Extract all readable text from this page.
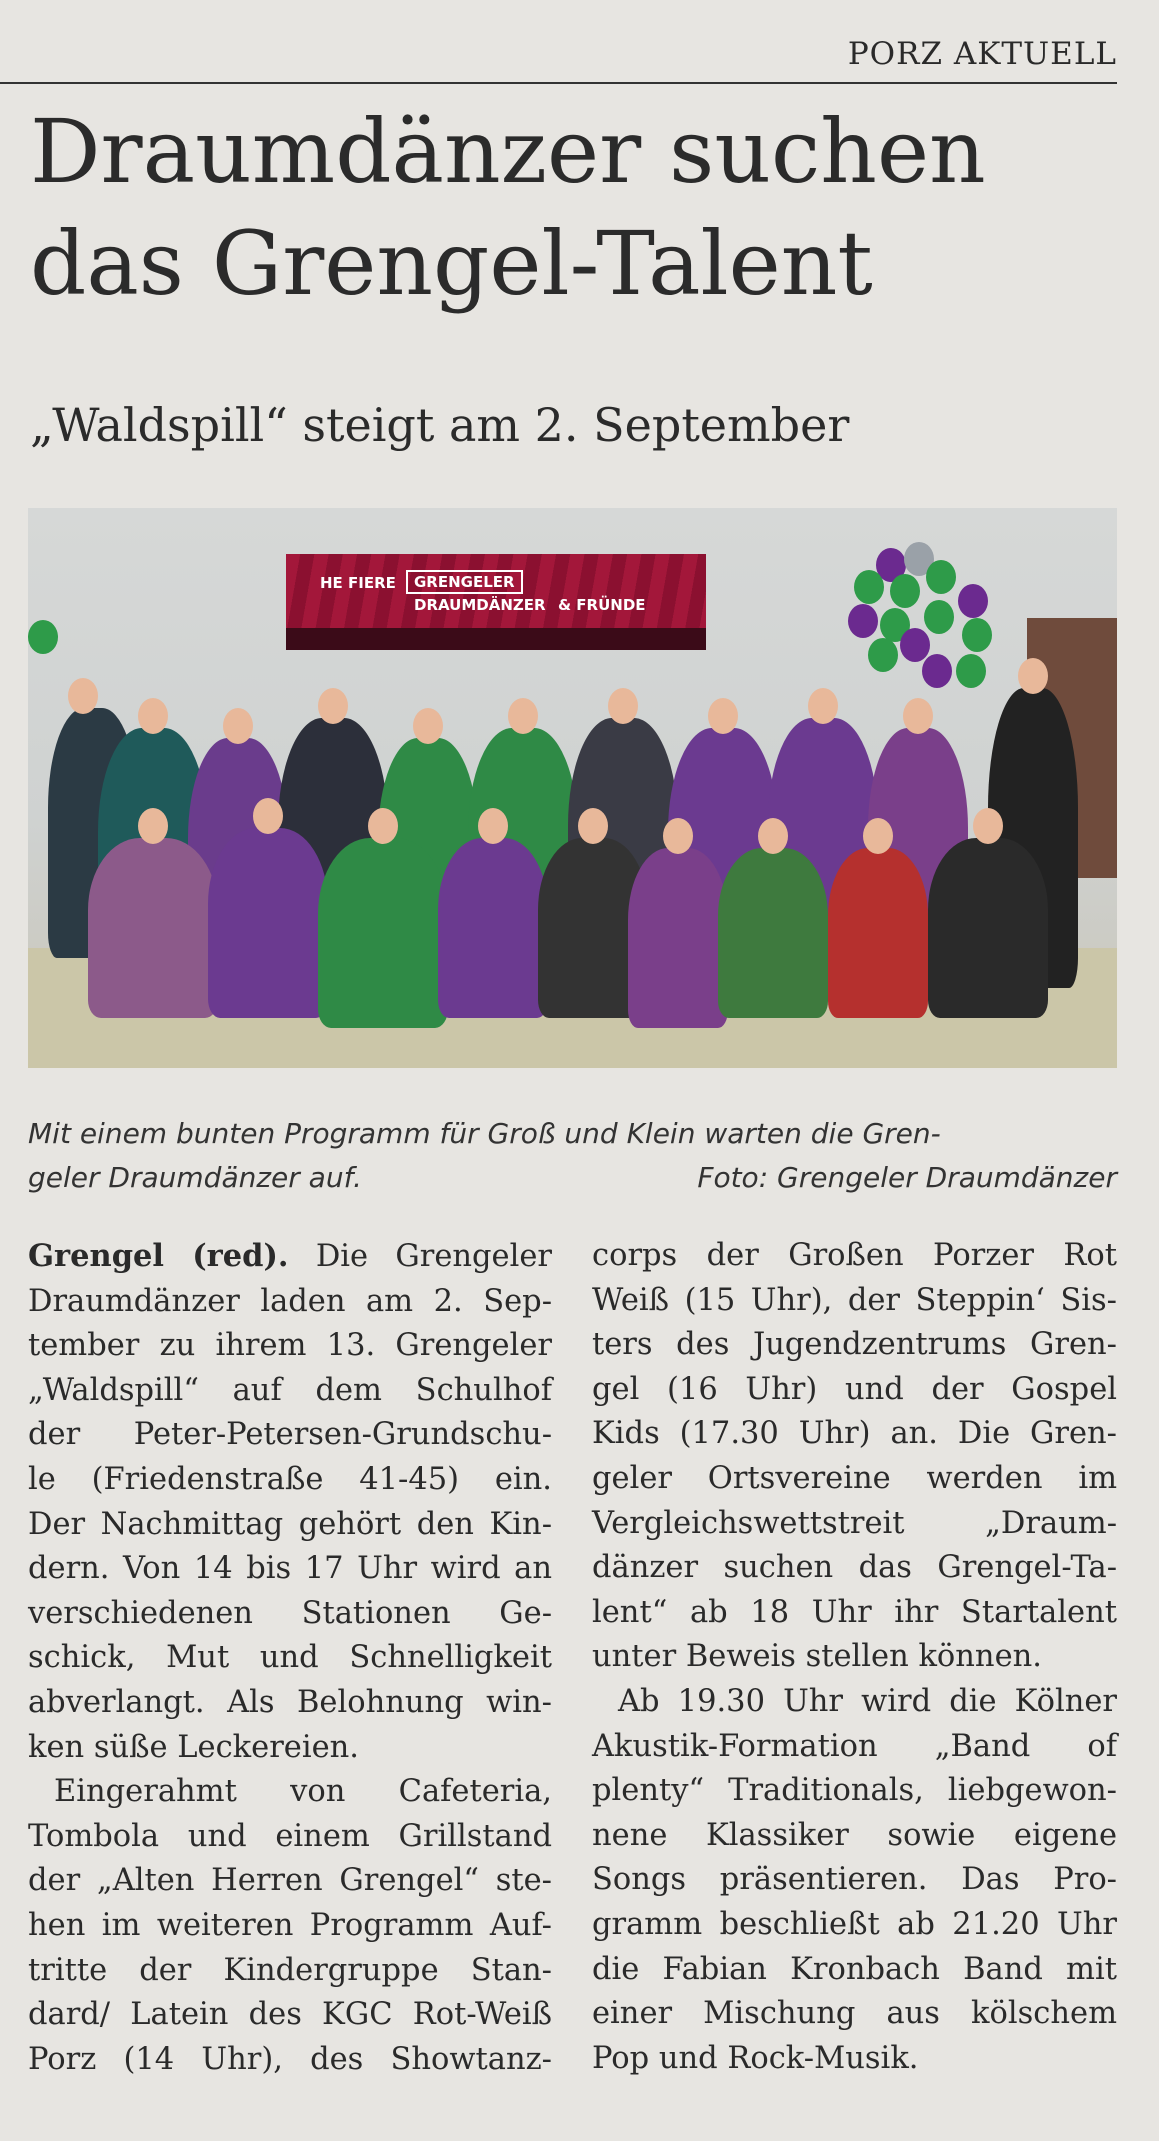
PORZ AKTUELL
Draumdänzer suchen
das Grengel-Talent
„Waldspill“ steigt am 2. September
HE FIERE	GRENGELER
DRAUMDÄNZER & FRÜNDE
Mit einem bunten Programm für Groß und Klein warten die Gren-
geler Draumdänzer auf.	Foto: Grengeler Draumdänzer
Grengel (red). Die Grengeler
Draumdänzer laden am 2. Sep-
tember zu ihrem 13. Grengeler
„Waldspill“ auf dem Schulhof
der Peter-Petersen-Grundschu-
le (Friedenstraße 41-45) ein.
Der Nachmittag gehört den Kin-
dern. Von 14 bis 17 Uhr wird an
verschiedenen Stationen Ge-
schick, Mut und Schnelligkeit
abverlangt. Als Belohnung win-
ken süße Leckereien.
Eingerahmt von Cafeteria,
Tombola und einem Grillstand
der „Alten Herren Grengel“ ste-
hen im weiteren Programm Auf-
tritte der Kindergruppe Stan-
dard/ Latein des KGC Rot-Weiß
Porz (14 Uhr), des Showtanz-
corps der Großen Porzer Rot
Weiß (15 Uhr), der Steppin‘ Sis-
ters des Jugendzentrums Gren-
gel (16 Uhr) und der Gospel
Kids (17.30 Uhr) an. Die Gren-
geler Ortsvereine werden im
Vergleichswettstreit „Draum-
dänzer suchen das Grengel-Ta-
lent“ ab 18 Uhr ihr Startalent
unter Beweis stellen können.
Ab 19.30 Uhr wird die Kölner
Akustik-Formation „Band of
plenty“ Traditionals, liebgewon-
nene Klassiker sowie eigene
Songs präsentieren. Das Pro-
gramm beschließt ab 21.20 Uhr
die Fabian Kronbach Band mit
einer Mischung aus kölschem
Pop und Rock-Musik.
